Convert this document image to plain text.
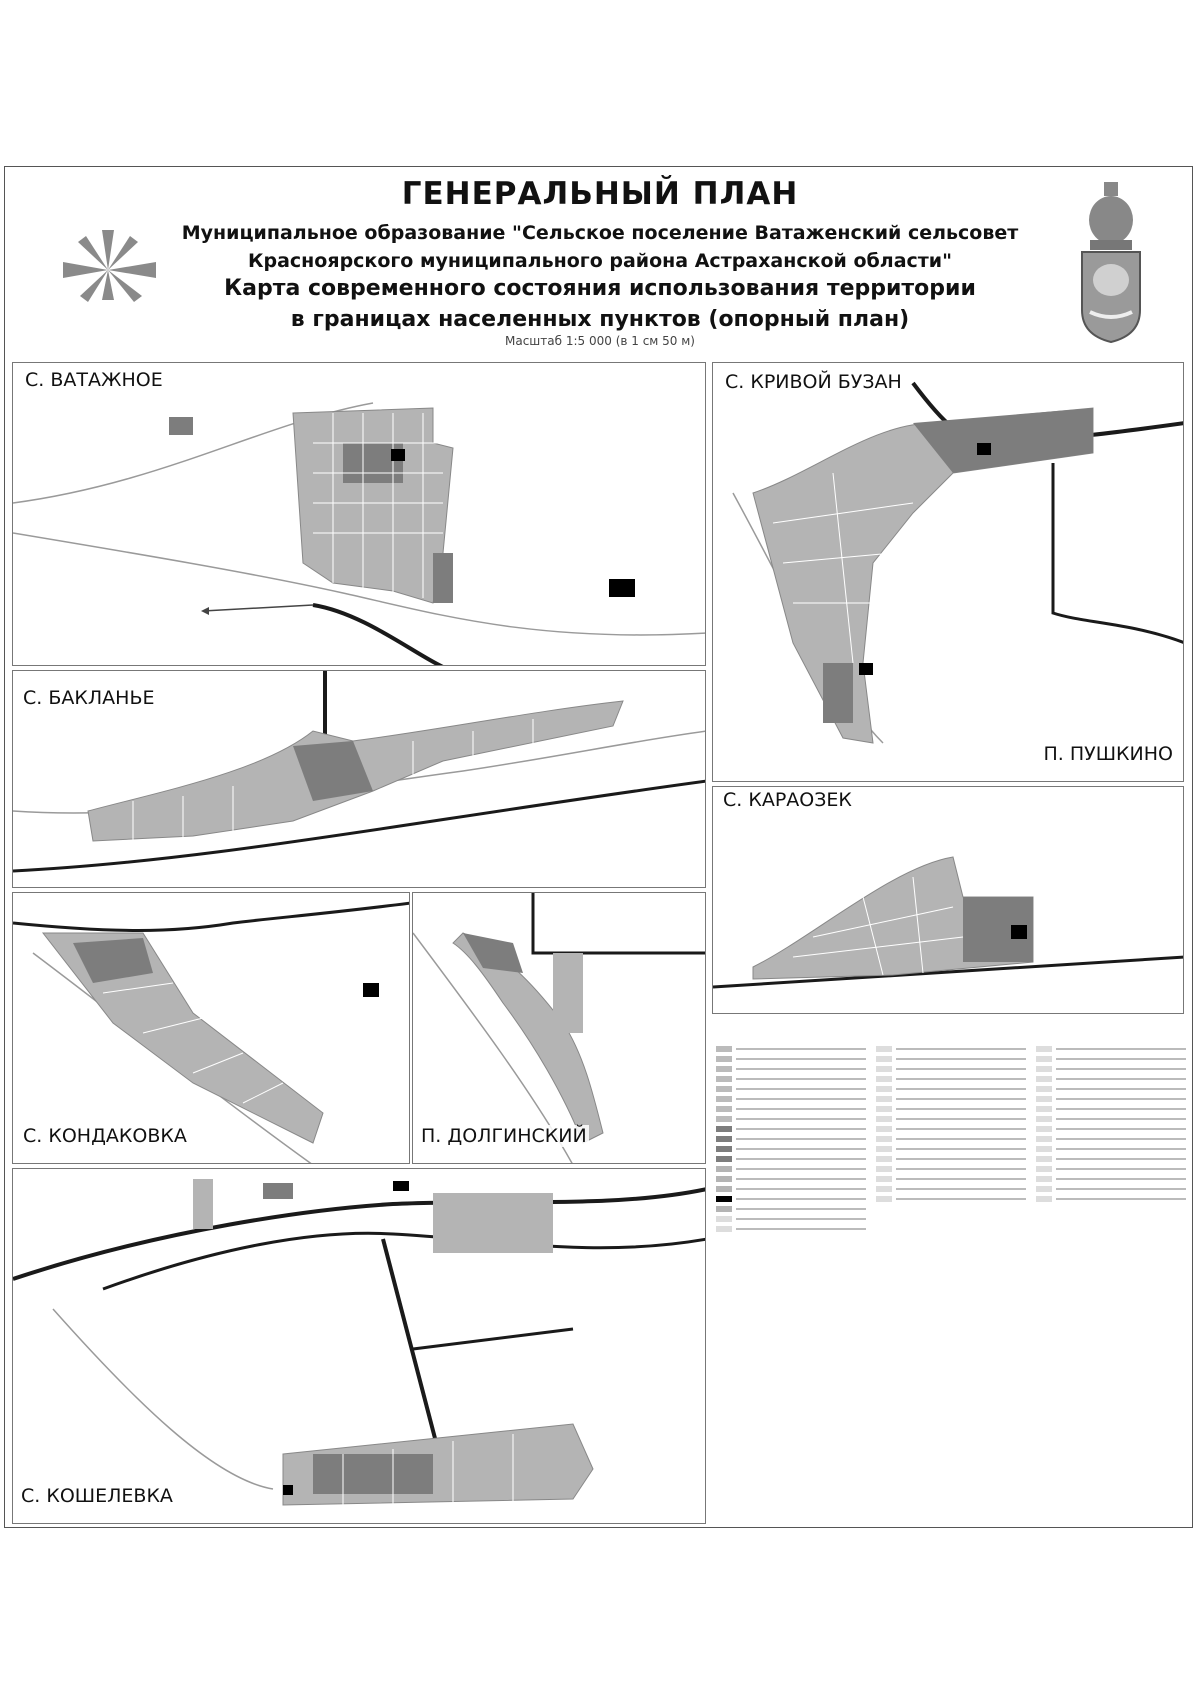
ГЕНЕРАЛЬНЫЙ ПЛАН
Муниципальное образование "Сельское поселение Ватаженский сельсовет
Красноярского муниципального района Астраханской области"
Карта современного состояния использования территории
в границах населенных пунктов (опорный план)
Масштаб 1:5 000 (в 1 см 50 м)
С. ВАТАЖНОЕ	С. КРИВОЙ БУЗАН
П. ПУШКИНО
С. БАКЛАНЬЕ
С. КАРАОЗЕК
С. КОНДАКОВКА	П. ДОЛГИНСКИЙ
С. КОШЕЛЕВКА
